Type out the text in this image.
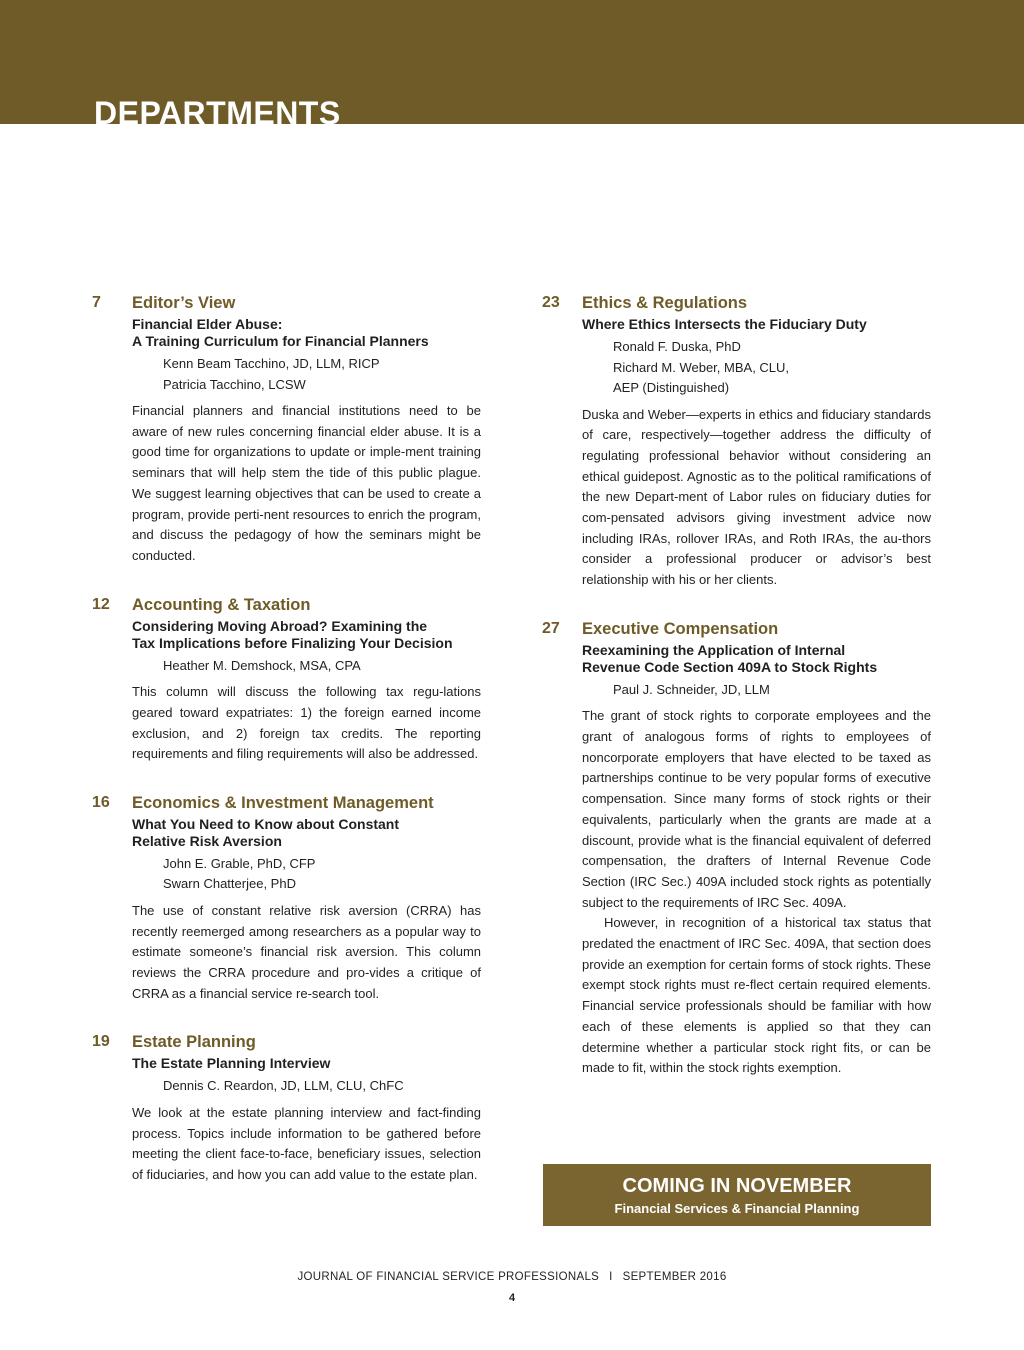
DEPARTMENTS
7	Editor’s View
Financial Elder Abuse:
A Training Curriculum for Financial Planners
Kenn Beam Tacchino, JD, LLM, RICP
Patricia Tacchino, LCSW

Financial planners and financial institutions need to be aware of new rules concerning financial elder abuse. It is a good time for organizations to update or imple-ment training seminars that will help stem the tide of this public plague. We suggest learning objectives that can be used to create a program, provide perti-nent resources to enrich the program, and discuss the pedagogy of how the seminars might be conducted.

12	Accounting & Taxation
Considering Moving Abroad? Examining the
Tax Implications before Finalizing Your Decision
Heather M. Demshock, MSA, CPA

This column will discuss the following tax regu-lations geared toward expatriates: 1) the foreign earned income exclusion, and 2) foreign tax credits. The reporting requirements and filing requirements will also be addressed.

16	Economics & Investment Management
What You Need to Know about Constant
Relative Risk Aversion
John E. Grable, PhD, CFP
Swarn Chatterjee, PhD

The use of constant relative risk aversion (CRRA) has recently reemerged among researchers as a popular way to estimate someone’s financial risk aversion. This column reviews the CRRA procedure and pro-vides a critique of CRRA as a financial service re-search tool.

19	Estate Planning
The Estate Planning Interview
Dennis C. Reardon, JD, LLM, CLU, ChFC

We look at the estate planning interview and fact-finding process. Topics include information to be gathered before meeting the client face-to-face, beneficiary issues, selection of fiduciaries, and how you can add value to the estate plan.

23	Ethics & Regulations
Where Ethics Intersects the Fiduciary Duty
Ronald F. Duska, PhD
Richard M. Weber, MBA, CLU,
AEP (Distinguished)

Duska and Weber—experts in ethics and fiduciary standards of care, respectively—together address the difficulty of regulating professional behavior without considering an ethical guidepost. Agnostic as to the political ramifications of the new Depart-ment of Labor rules on fiduciary duties for com-pensated advisors giving investment advice now including IRAs, rollover IRAs, and Roth IRAs, the au-thors consider a professional producer or advisor’s best relationship with his or her clients.

27	Executive Compensation
Reexamining the Application of Internal
Revenue Code Section 409A to Stock Rights
Paul J. Schneider, JD, LLM

The grant of stock rights to corporate employees and the grant of analogous forms of rights to employees of noncorporate employers that have elected to be taxed as partnerships continue to be very popular forms of executive compensation. Since many forms of stock rights or their equivalents, particularly when the grants are made at a discount, provide what is the financial equivalent of deferred compensation, the drafters of Internal Revenue Code Section (IRC Sec.) 409A included stock rights as potentially subject to the requirements of IRC Sec. 409A.

However, in recognition of a historical tax status that predated the enactment of IRC Sec. 409A, that section does provide an exemption for certain forms of stock rights. These exempt stock rights must re-flect certain required elements. Financial service professionals should be familiar with how each of these elements is applied so that they can determine whether a particular stock right fits, or can be made to fit, within the stock rights exemption.

COMING IN NOVEMBER
Financial Services & Financial Planning
JOURNAL OF FINANCIAL SERVICE PROFESSIONALS I SEPTEMBER 2016
4
